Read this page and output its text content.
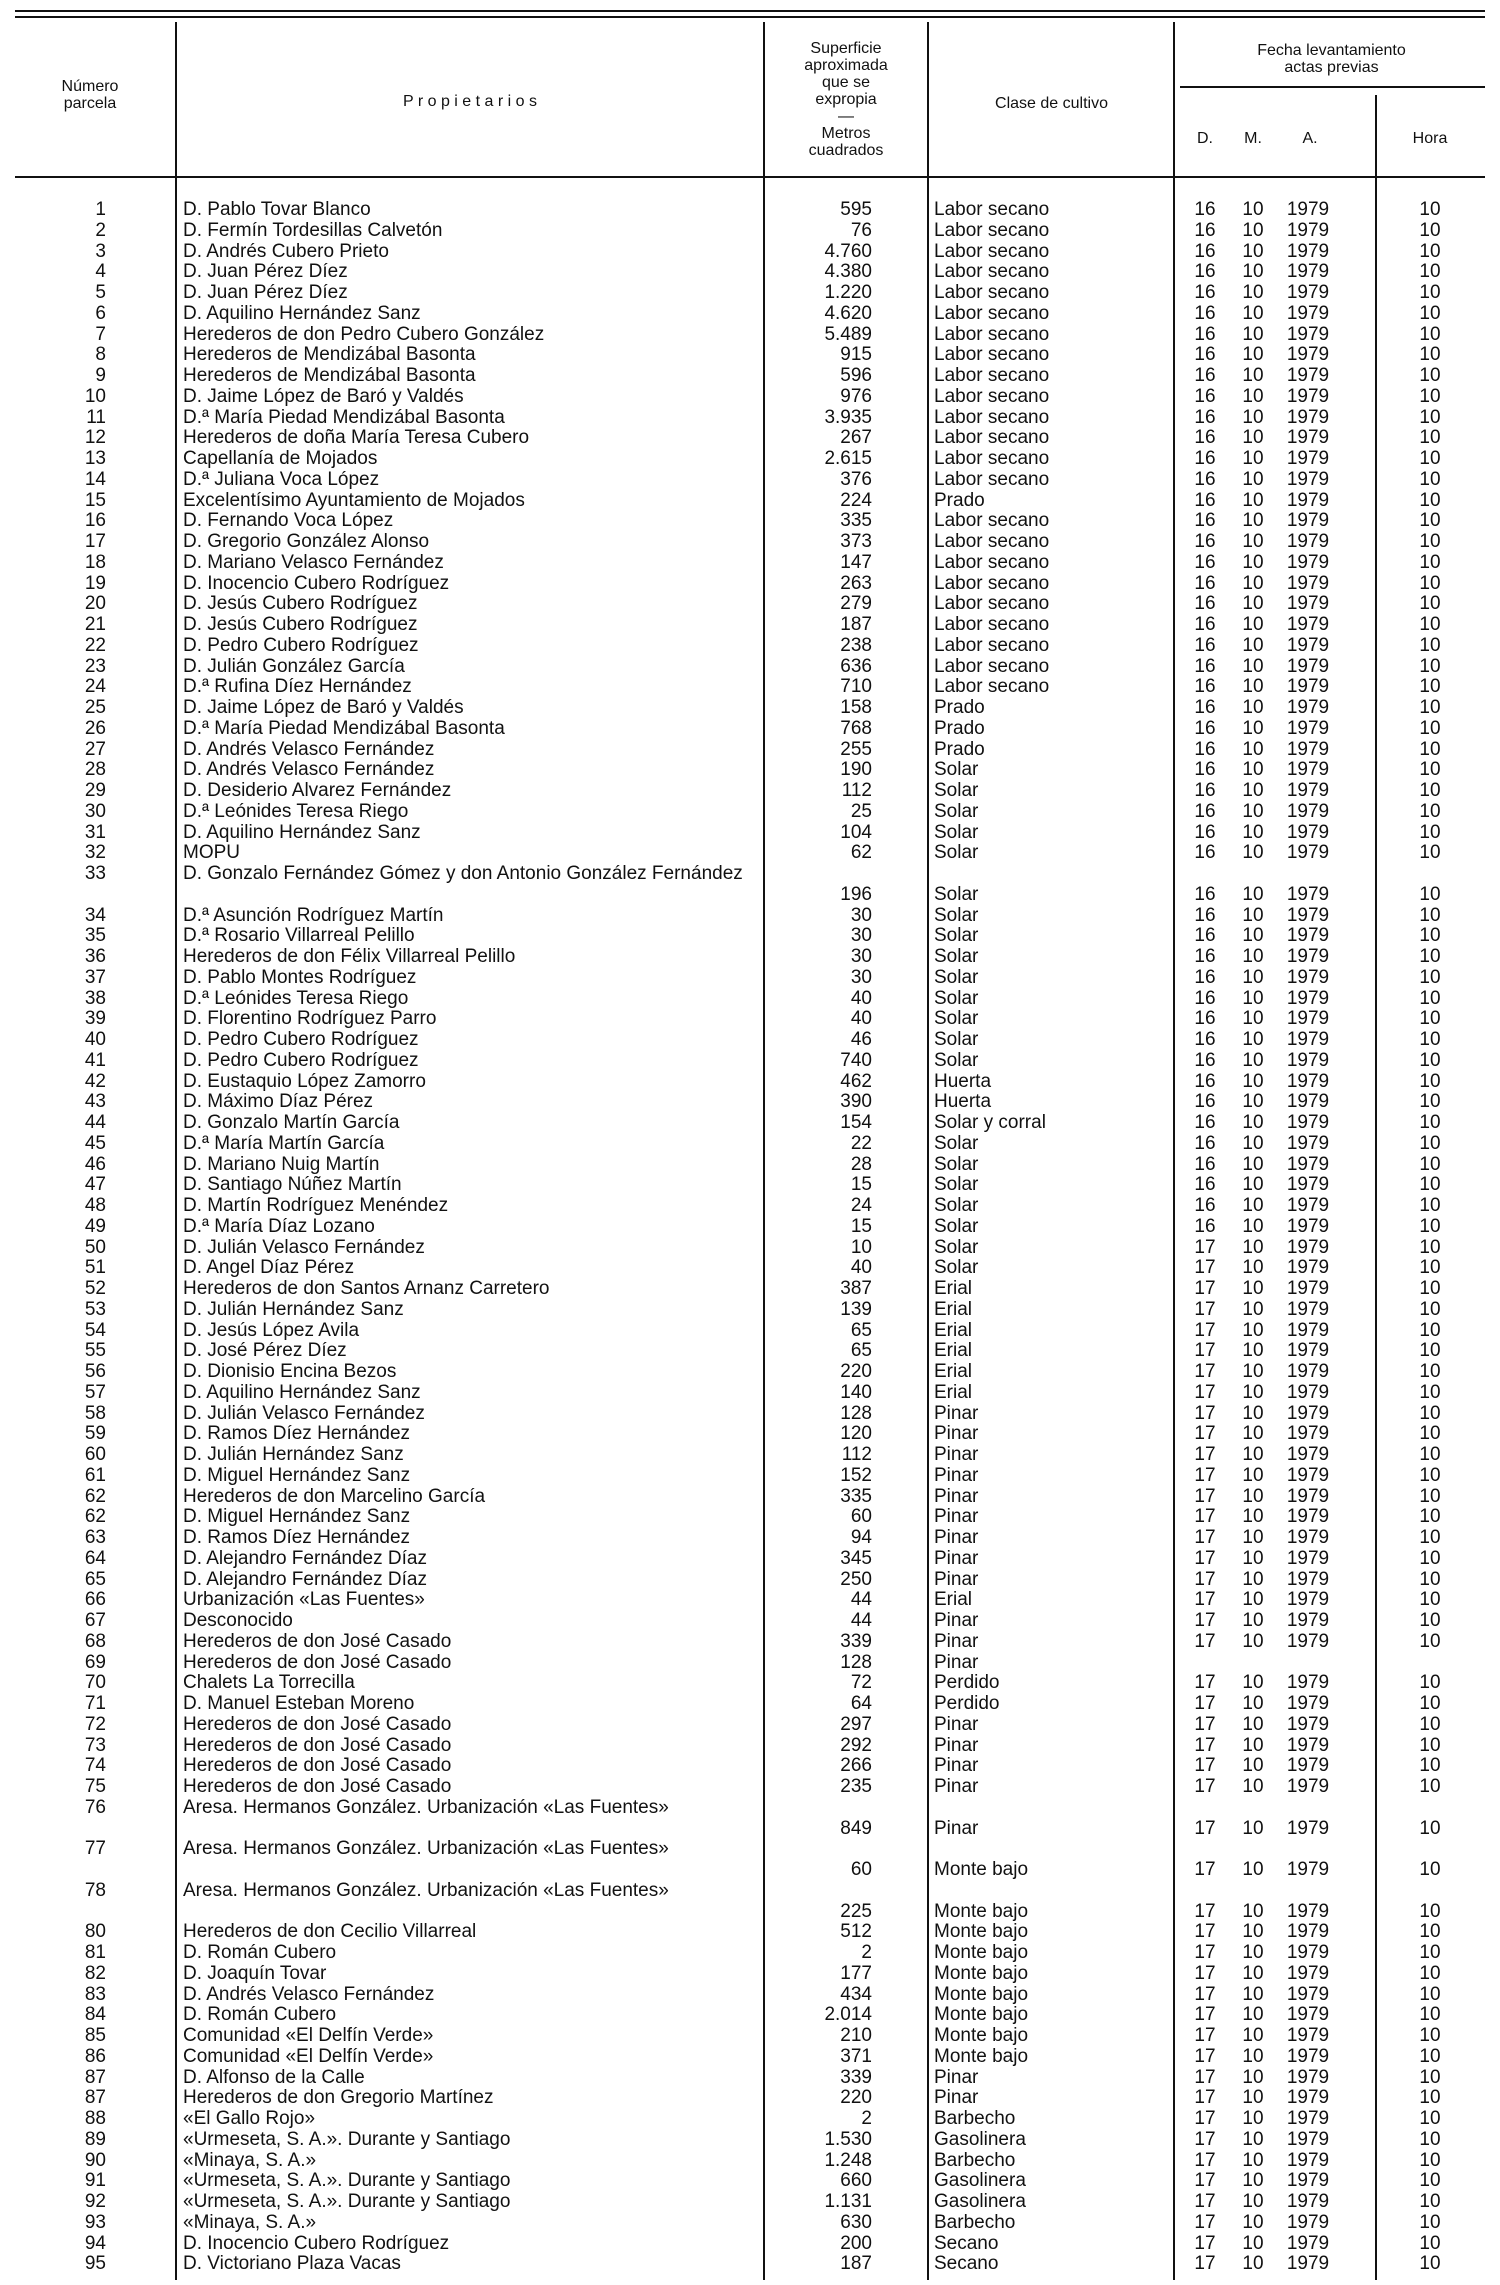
Número
parcela	P r o p i e t a r i o s
Superficie
aproximada
que se
expropia
—
Metros
cuadrados
Clase de cultivo
Fecha levantamiento
actas previas
D.	M.	A.	Hora
1	D. Pablo Tovar Blanco	595	Labor secano	16 10	1979	10
2	D. Fermín Tordesillas Calvetón	76	Labor secano	16 10	1979	10
3	D. Andrés Cubero Prieto	4.760	Labor secano	16 10	1979	10
4	D. Juan Pérez Díez	4.380	Labor secano	16 10	1979	10
5	D. Juan Pérez Díez	1.220	Labor secano	16 10	1979	10
6	D. Aquilino Hernández Sanz	4.620	Labor secano	16 10	1979	10
7	Herederos de don Pedro Cubero González	5.489	Labor secano	16 10	1979	10
8	Herederos de Mendizábal Basonta	915	Labor secano	16 10	1979	10
9	Herederos de Mendizábal Basonta	596	Labor secano	16 10	1979	10
10	D. Jaime López de Baró y Valdés	976	Labor secano	16 10	1979	10
11	D.ª María Piedad Mendizábal Basonta	3.935	Labor secano	16 10	1979	10
12	Herederos de doña María Teresa Cubero	267	Labor secano	16 10	1979	10
13	Capellanía de Mojados	2.615	Labor secano	16 10	1979	10
14	D.ª Juliana Voca López	376	Labor secano	16 10	1979	10
15	Excelentísimo Ayuntamiento de Mojados	224	Prado	16 10	1979	10
16	D. Fernando Voca López	335	Labor secano	16 10	1979	10
17	D. Gregorio González Alonso	373	Labor secano	16 10	1979	10
18	D. Mariano Velasco Fernández	147	Labor secano	16 10	1979	10
19	D. Inocencio Cubero Rodríguez	263	Labor secano	16 10	1979	10
20	D. Jesús Cubero Rodríguez	279	Labor secano	16 10	1979	10
21	D. Jesús Cubero Rodríguez	187	Labor secano	16 10	1979	10
22	D. Pedro Cubero Rodríguez	238	Labor secano	16 10	1979	10
23	D. Julián González García	636	Labor secano	16 10	1979	10
24	D.ª Rufina Díez Hernández	710	Labor secano	16 10	1979	10
25	D. Jaime López de Baró y Valdés	158	Prado	16 10	1979	10
26	D.ª María Piedad Mendizábal Basonta	768	Prado	16 10	1979	10
27	D. Andrés Velasco Fernández	255	Prado	16 10	1979	10
28	D. Andrés Velasco Fernández	190	Solar	16 10	1979	10
29	D. Desiderio Alvarez Fernández	112	Solar	16 10	1979	10
30	D.ª Leónides Teresa Riego	25	Solar	16 10	1979	10
31	D. Aquilino Hernández Sanz	104	Solar	16 10	1979	10
32	MOPU	62	Solar	16 10	1979	10
33	D. Gonzalo Fernández Gómez y don Antonio González Fernández
196	Solar	16 10	1979	10
34	D.ª Asunción Rodríguez Martín	30	Solar	16 10	1979	10
35	D.ª Rosario Villarreal Pelillo	30	Solar	16 10	1979	10
36	Herederos de don Félix Villarreal Pelillo	30	Solar	16 10	1979	10
37	D. Pablo Montes Rodríguez	30	Solar	16 10	1979	10
38	D.ª Leónides Teresa Riego	40	Solar	16 10	1979	10
39	D. Florentino Rodríguez Parro	40	Solar	16 10	1979	10
40	D. Pedro Cubero Rodríguez	46	Solar	16 10	1979	10
41	D. Pedro Cubero Rodríguez	740	Solar	16 10	1979	10
42	D. Eustaquio López Zamorro	462	Huerta	16 10	1979	10
43	D. Máximo Díaz Pérez	390	Huerta	16 10	1979	10
44	D. Gonzalo Martín García	154	Solar y corral	16 10	1979	10
45	D.ª María Martín García	22	Solar	16 10	1979	10
46	D. Mariano Nuig Martín	28	Solar	16 10	1979	10
47	D. Santiago Núñez Martín	15	Solar	16 10	1979	10
48	D. Martín Rodríguez Menéndez	24	Solar	16 10	1979	10
49	D.ª María Díaz Lozano	15	Solar	16 10	1979	10
50	D. Julián Velasco Fernández	10	Solar	17 10	1979	10
51	D. Angel Díaz Pérez	40	Solar	17 10	1979	10
52	Herederos de don Santos Arnanz Carretero	387	Erial	17 10	1979	10
53	D. Julián Hernández Sanz	139	Erial	17 10	1979	10
54	D. Jesús López Avila	65	Erial	17 10	1979	10
55	D. José Pérez Díez	65	Erial	17 10	1979	10
56	D. Dionisio Encina Bezos	220	Erial	17 10	1979	10
57	D. Aquilino Hernández Sanz	140	Erial	17 10	1979	10
58	D. Julián Velasco Fernández	128	Pinar	17 10	1979	10
59	D. Ramos Díez Hernández	120	Pinar	17 10	1979	10
60	D. Julián Hernández Sanz	112	Pinar	17 10	1979	10
61	D. Miguel Hernández Sanz	152	Pinar	17 10	1979	10
62	Herederos de don Marcelino García	335	Pinar	17 10	1979	10
62	D. Miguel Hernández Sanz	60	Pinar	17 10	1979	10
63	D. Ramos Díez Hernández	94	Pinar	17 10	1979	10
64	D. Alejandro Fernández Díaz	345	Pinar	17 10	1979	10
65	D. Alejandro Fernández Díaz	250	Pinar	17 10	1979	10
66	Urbanización «Las Fuentes»	44	Erial	17 10	1979	10
67	Desconocido	44	Pinar	17 10	1979	10
68	Herederos de don José Casado	339	Pinar	17 10	1979	10
69	Herederos de don José Casado	128	Pinar
70	Chalets La Torrecilla	72	Perdido	17 10	1979	10
71	D. Manuel Esteban Moreno	64	Perdido	17 10	1979	10
72	Herederos de don José Casado	297	Pinar	17 10	1979	10
73	Herederos de don José Casado	292	Pinar	17 10	1979	10
74	Herederos de don José Casado	266	Pinar	17 10	1979	10
75	Herederos de don José Casado	235	Pinar	17 10	1979	10
76	Aresa. Hermanos González. Urbanización «Las Fuentes»
849	Pinar	17 10	1979	10
77	Aresa. Hermanos González. Urbanización «Las Fuentes»
60	Monte bajo	17 10	1979	10
78	Aresa. Hermanos González. Urbanización «Las Fuentes»
225	Monte bajo	17 10	1979	10
80	Herederos de don Cecilio Villarreal	512	Monte bajo	17 10	1979	10
81	D. Román Cubero	2	Monte bajo	17 10	1979	10
82	D. Joaquín Tovar	177	Monte bajo	17 10	1979	10
83	D. Andrés Velasco Fernández	434	Monte bajo	17 10	1979	10
84	D. Román Cubero	2.014	Monte bajo	17 10	1979	10
85	Comunidad «El Delfín Verde»	210	Monte bajo	17 10	1979	10
86	Comunidad «El Delfín Verde»	371	Monte bajo	17 10	1979	10
87	D. Alfonso de la Calle	339	Pinar	17 10	1979	10
87	Herederos de don Gregorio Martínez	220	Pinar	17 10	1979	10
88	«El Gallo Rojo»	2	Barbecho	17 10	1979	10
89	«Urmeseta, S. A.». Durante y Santiago	1.530	Gasolinera	17 10	1979	10
90	«Minaya, S. A.»	1.248	Barbecho	17 10	1979	10
91	«Urmeseta, S. A.». Durante y Santiago	660	Gasolinera	17 10	1979	10
92	«Urmeseta, S. A.». Durante y Santiago	1.131	Gasolinera	17 10	1979	10
93	«Minaya, S. A.»	630	Barbecho	17 10	1979	10
94	D. Inocencio Cubero Rodríguez	200	Secano	17 10	1979	10
95	D. Victoriano Plaza Vacas	187	Secano	17 10	1979	10
